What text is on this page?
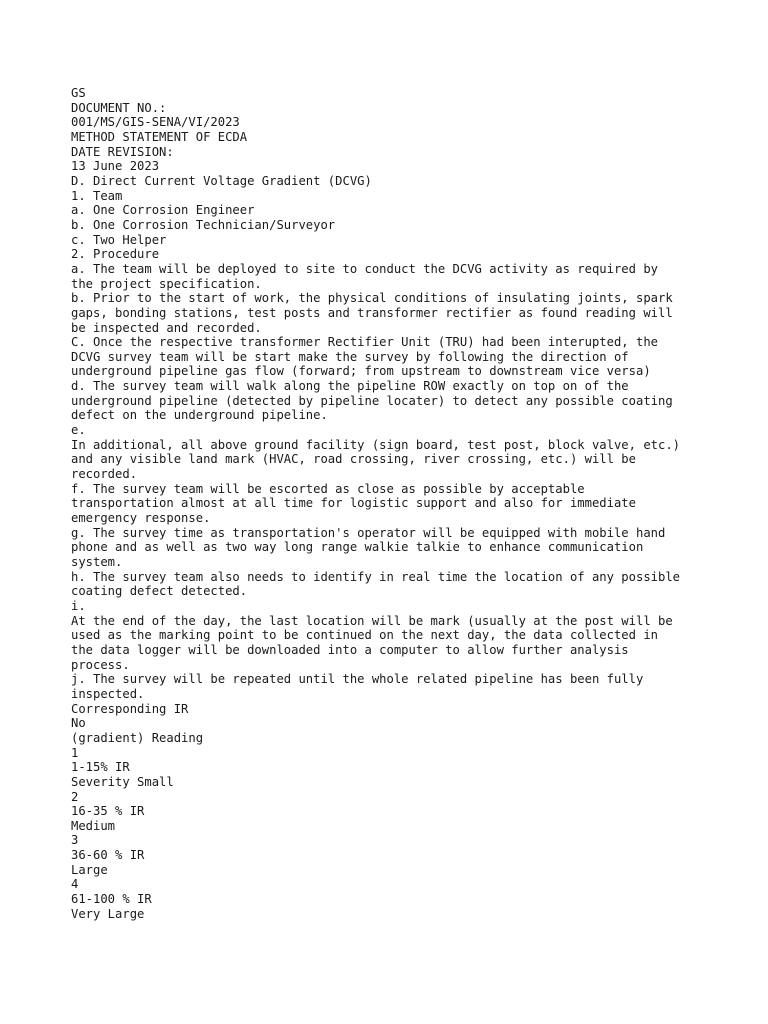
GS
DOCUMENT NO.:
001/MS/GIS-SENA/VI/2023
METHOD STATEMENT OF ECDA
DATE REVISION:
13 June 2023
D. Direct Current Voltage Gradient (DCVG)
1. Team
a. One Corrosion Engineer
b. One Corrosion Technician/Surveyor
c. Two Helper
2. Procedure
a. The team will be deployed to site to conduct the DCVG activity as required by
the project specification.
b. Prior to the start of work, the physical conditions of insulating joints, spark
gaps, bonding stations, test posts and transformer rectifier as found reading will
be inspected and recorded.
C. Once the respective transformer Rectifier Unit (TRU) had been interupted, the
DCVG survey team will be start make the survey by following the direction of
underground pipeline gas flow (forward; from upstream to downstream vice versa)
d. The survey team will walk along the pipeline ROW exactly on top on of the
underground pipeline (detected by pipeline locater) to detect any possible coating
defect on the underground pipeline.
e.
In additional, all above ground facility (sign board, test post, block valve, etc.)
and any visible land mark (HVAC, road crossing, river crossing, etc.) will be
recorded.
f. The survey team will be escorted as close as possible by acceptable
transportation almost at all time for logistic support and also for immediate
emergency response.
g. The survey time as transportation's operator will be equipped with mobile hand
phone and as well as two way long range walkie talkie to enhance communication
system.
h. The survey team also needs to identify in real time the location of any possible
coating defect detected.
i.
At the end of the day, the last location will be mark (usually at the post will be
used as the marking point to be continued on the next day, the data collected in
the data logger will be downloaded into a computer to allow further analysis
process.
j. The survey will be repeated until the whole related pipeline has been fully
inspected.
Corresponding IR
No
(gradient) Reading
1
1-15% IR
Severity Small
2
16-35 % IR
Medium
3
36-60 % IR
Large
4
61-100 % IR
Very Large
